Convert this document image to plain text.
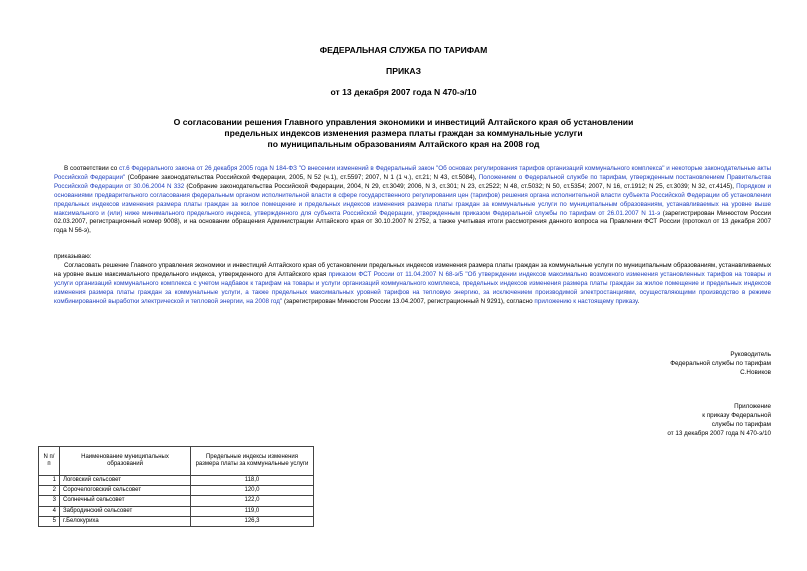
ФЕДЕРАЛЬНАЯ СЛУЖБА ПО ТАРИФАМ
ПРИКАЗ
от 13 декабря 2007 года N 470-э/10
О согласовании решения Главного управления экономики и инвестиций Алтайского края об установлении
предельных индексов изменения размера платы граждан за коммунальные услуги
по муниципальным образованиям Алтайского края на 2008 год
В соответствии со ст.6 Федерального закона от 26 декабря 2005 года N 184-ФЗ "О внесении изменений в Федеральный закон "Об основах регулирования тарифов организаций коммунального комплекса" и некоторые законодательные акты Российской Федерации" (Собрание законодательства Российской Федерации, 2005, N 52 (ч.1), ст.5597; 2007, N 1 (1 ч.), ст.21; N 43, ст.5084), Положением о Федеральной службе по тарифам, утвержденным постановлением Правительства Российской Федерации от 30.06.2004 N 332 (Собрание законодательства Российской Федерации, 2004, N 29, ст.3049; 2006, N 3, ст.301; N 23, ст.2522; N 48, ст.5032; N 50, ст.5354; 2007, N 16, ст.1912; N 25, ст.3039; N 32, ст.4145), Порядком и основаниями предварительного согласования федеральным органом исполнительной власти в сфере государственного регулирования цен (тарифов) решения органа исполнительной власти субъекта Российской Федерации об установлении предельных индексов изменения размера платы граждан за жилое помещение и предельных индексов изменения размера платы граждан за коммунальные услуги по муниципальным образованиям, устанавливаемых на уровне выше максимального и (или) ниже минимального предельного индекса, утвержденного для субъекта Российской Федерации, утвержденным приказом Федеральной службы по тарифам от 26.01.2007 N 11-э (зарегистрирован Минюстом России 02.03.2007, регистрационный номер 9008), и на основании обращения Администрации Алтайского края от 30.10.2007 N 2752, а также учитывая итоги рассмотрения данного вопроса на Правлении ФСТ России (протокол от 13 декабря 2007 года N 56-э),
приказываю:
Согласовать решение Главного управления экономики и инвестиций Алтайского края об установлении предельных индексов изменения размера платы граждан за коммунальные услуги по муниципальным образованиям, устанавливаемых на уровне выше максимального предельного индекса, утвержденного для Алтайского края приказом ФСТ России от 11.04.2007 N 68-э/5 "Об утверждении индексов максимально возможного изменения установленных тарифов на товары и услуги организаций коммунального комплекса с учетом надбавок к тарифам на товары и услуги организаций коммунального комплекса, предельных индексов изменения размера платы граждан за жилое помещение и предельных индексов изменения размера платы граждан за коммунальные услуги, а также предельных максимальных уровней тарифов на тепловую энергию, за исключением производимой электростанциями, осуществляющими производство в режиме комбинированной выработки электрической и тепловой энергии, на 2008 год" (зарегистрирован Минюстом России 13.04.2007, регистрационный N 9291), согласно приложению к настоящему приказу.
Руководитель
Федеральной службы по тарифам
С.Новиков
Приложение
к приказу Федеральной
службы по тарифам
от 13 декабря 2007 года N 470-э/10
N п/п	Наименование муниципальных образований	Предельные индексы изменения размера платы за коммунальные услуги
1	Логовский сельсовет	118,0
2	Сорочелоговский сельсовет	120,0
3	Солнечный сельсовет	122,0
4	Забродинский сельсовет	119,0
5	г.Белокуриха	126,3
